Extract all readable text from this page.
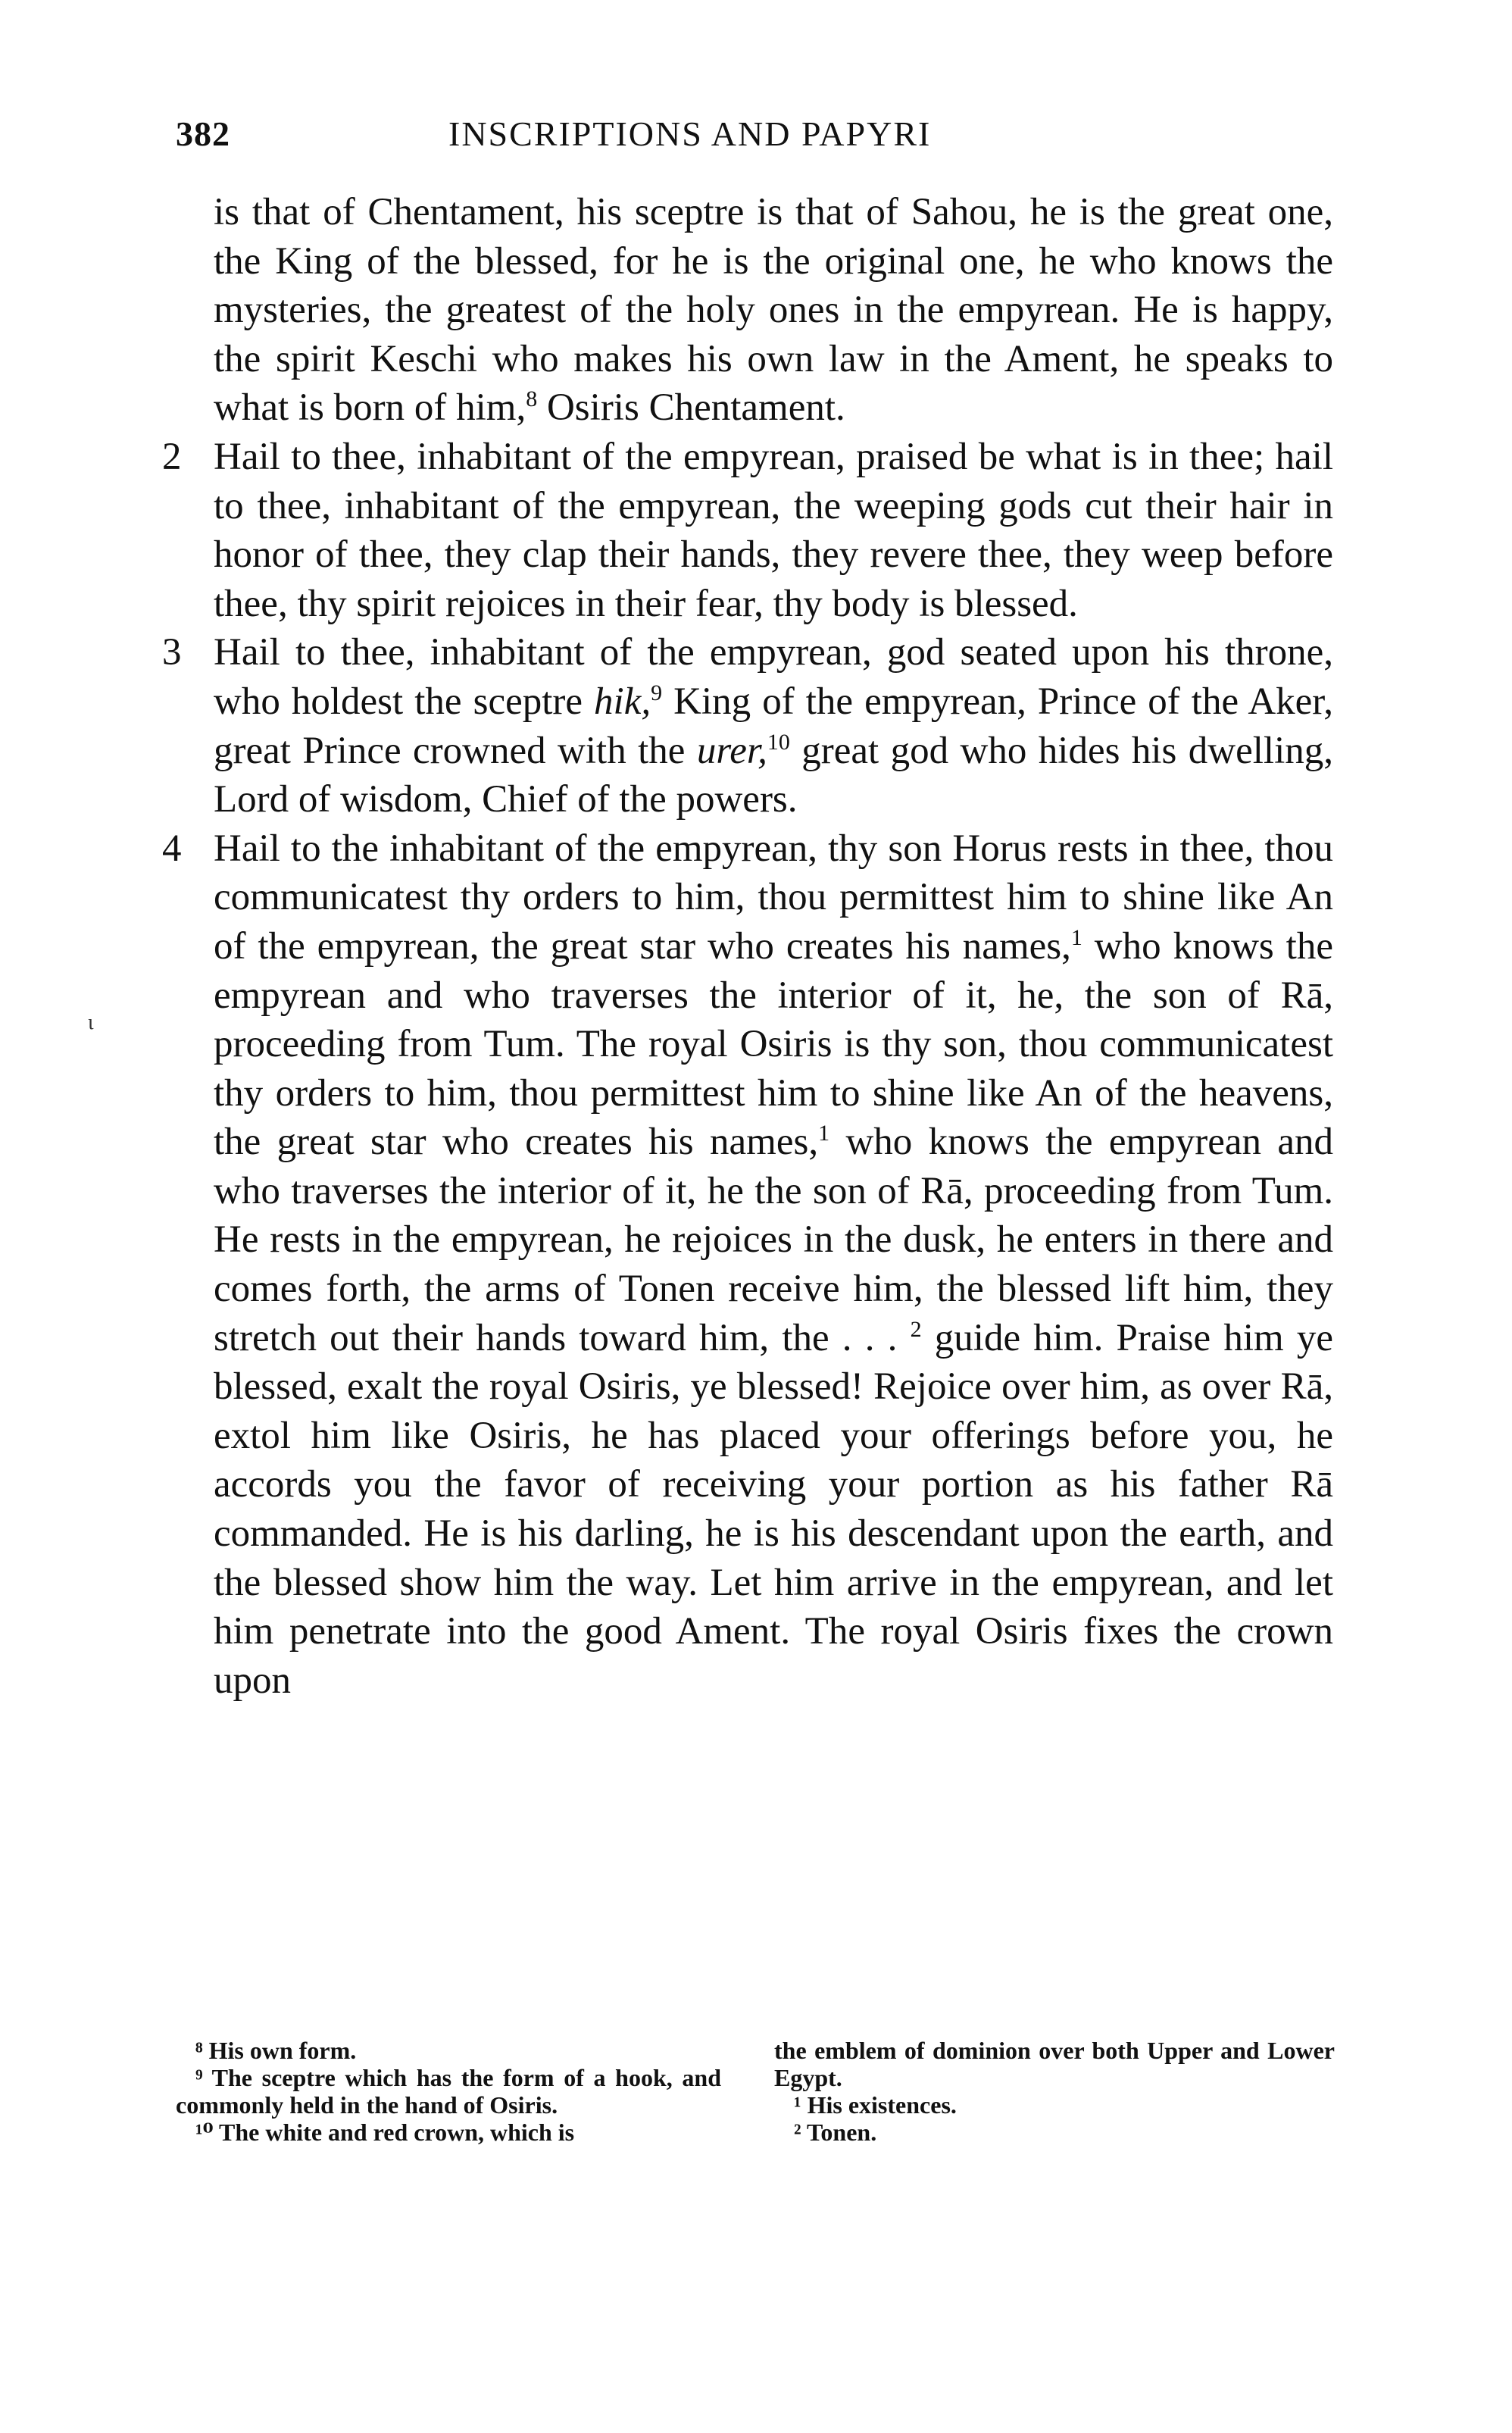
382	INSCRIPTIONS AND PAPYRI

is that of Chentament, his sceptre is that of Sahou, he is the great one, the King of the blessed, for he is the original one, he who knows the mysteries, the greatest of the holy ones in the empyrean. He is happy, the spirit Keschi who makes his own law in the Ament, he speaks to what is born of him,$^8$ Osiris Chentament.

2 Hail to thee, inhabitant of the empyrean, praised be what is in thee; hail to thee, inhabitant of the empyrean, the weeping gods cut their hair in honor of thee, they clap their hands, they revere thee, they weep before thee, thy spirit rejoices in their fear, thy body is blessed.

3 Hail to thee, inhabitant of the empyrean, god seated upon his throne, who holdest the sceptre hik,$^9$ King of the empyrean, Prince of the Aker, great Prince crowned with the urer,$^{10}$ great god who hides his dwelling, Lord of wisdom, Chief of the powers.

4 Hail to the inhabitant of the empyrean, thy son Horus rests in thee, thou communicatest thy orders to him, thou permittest him to shine like An of the empyrean, the great star who creates his names,$^1$ who knows the empyrean and who traverses the interior of it, he, the son of Rā, proceeding from Tum. The royal Osiris is thy son, thou communicatest thy orders to him, thou permittest him to shine like An of the heavens, the great star who creates his names,$^1$ who knows the empyrean and who traverses the interior of it, he the son of Rā, proceeding from Tum. He rests in the empyrean, he rejoices in the dusk, he enters in there and comes forth, the arms of Tonen receive him, the blessed lift him, they stretch out their hands toward him, the . . . $^2$ guide him. Praise him ye blessed, exalt the royal Osiris, ye blessed! Rejoice over him, as over Rā, extol him like Osiris, he has placed your offerings before you, he accords you the favor of receiving your portion as his father Rā commanded. He is his darling, he is his descendant upon the earth, and the blessed show him the way. Let him arrive in the empyrean, and let him penetrate into the good Ament. The royal Osiris fixes the crown upon

ι
⁸ His own form.
⁹ The sceptre which has the form of a hook, and commonly held in the hand of Osiris.
¹⁰ The white and red crown, which is
the emblem of dominion over both Upper and Lower Egypt.
¹ His existences.
² Tonen.
